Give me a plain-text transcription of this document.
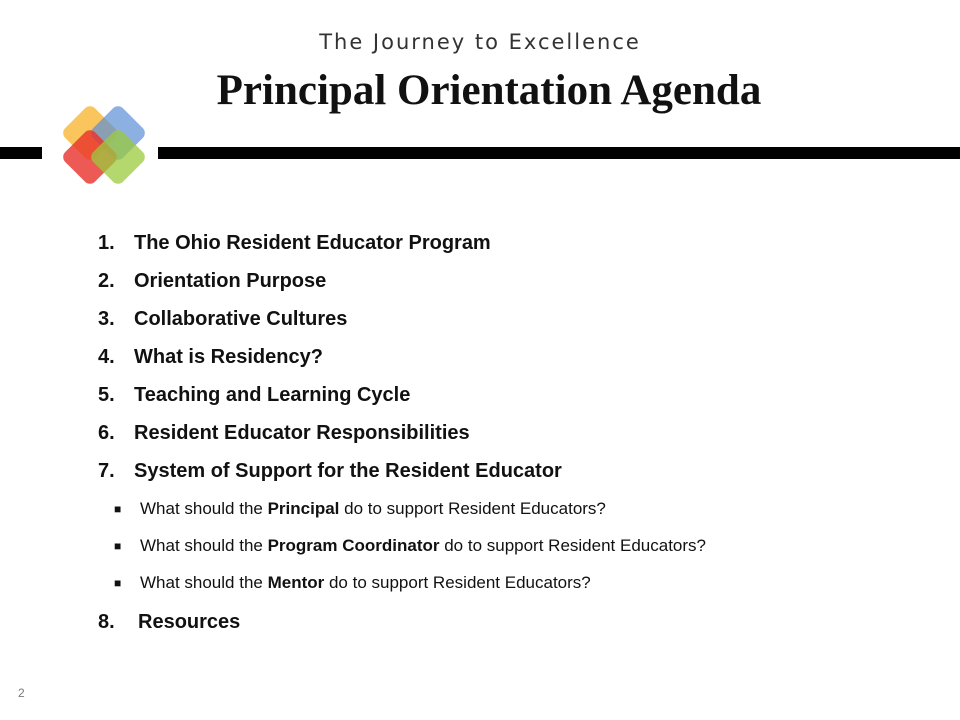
The Journey to Excellence
Principal Orientation Agenda
1. The Ohio Resident Educator Program
2. Orientation Purpose
3. Collaborative Cultures
4. What is Residency?
5. Teaching and Learning Cycle
6. Resident Educator Responsibilities
7. System of Support for the Resident Educator
■	What should the Principal do to support Resident Educators?
■	What should the Program Coordinator do to support Resident Educators?
■	What should the Mentor do to support Resident Educators?
8.	Resources
2
